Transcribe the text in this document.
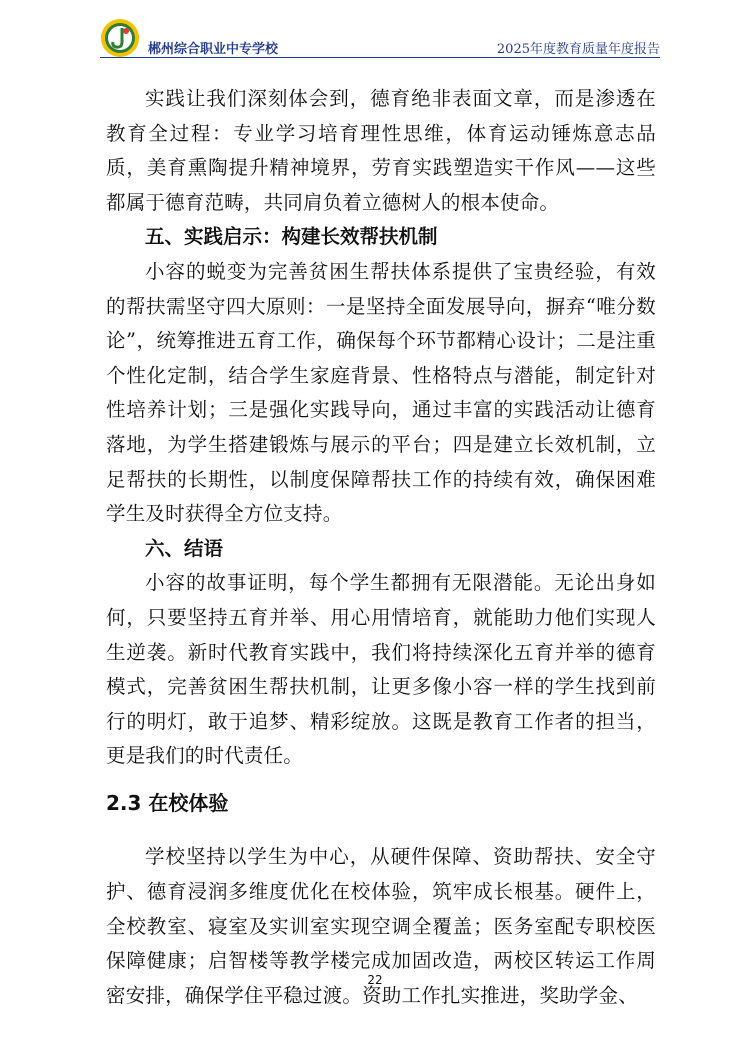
郴州综合职业中专学校	2025年度教育质量年度报告

实践让我们深刻体会到，德育绝非表面文章，而是渗透在教育全过程：专业学习培育理性思维，体育运动锤炼意志品质，美育熏陶提升精神境界，劳育实践塑造实干作风——这些都属于德育范畴，共同肩负着立德树人的根本使命。

五、实践启示：构建长效帮扶机制

小容的蜕变为完善贫困生帮扶体系提供了宝贵经验，有效的帮扶需坚守四大原则：一是坚持全面发展导向，摒弃“唯分数论”，统筹推进五育工作，确保每个环节都精心设计；二是注重个性化定制，结合学生家庭背景、性格特点与潜能，制定针对性培养计划；三是强化实践导向，通过丰富的实践活动让德育落地，为学生搭建锻炼与展示的平台；四是建立长效机制，立足帮扶的长期性，以制度保障帮扶工作的持续有效，确保困难学生及时获得全方位支持。

六、结语

小容的故事证明，每个学生都拥有无限潜能。无论出身如何，只要坚持五育并举、用心用情培育，就能助力他们实现人生逆袭。新时代教育实践中，我们将持续深化五育并举的德育模式，完善贫困生帮扶机制，让更多像小容一样的学生找到前行的明灯，敢于追梦、精彩绽放。这既是教育工作者的担当，更是我们的时代责任。

2.3 在校体验

学校坚持以学生为中心，从硬件保障、资助帮扶、安全守护、德育浸润多维度优化在校体验，筑牢成长根基。硬件上，全校教室、寝室及实训室实现空调全覆盖；医务室配专职校医保障健康；启智楼等教学楼完成加固改造，两校区转运工作周密安排，确保学住平稳过渡。资助工作扎实推进，奖助学金、

22
